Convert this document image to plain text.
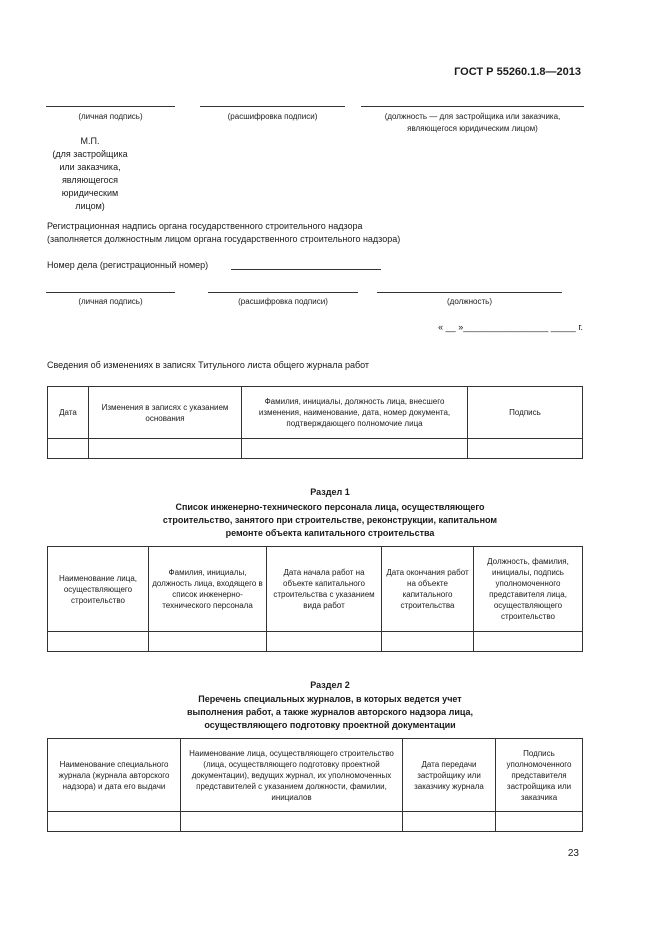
ГОСТ Р 55260.1.8—2013
(личная подпись)	(расшифровка подписи)	(должность — для застройщика или заказчика,
являющегося юридическим лицом)
М.П.
(для застройщика
или заказчика,
являющегося
юридическим
лицом)
Регистрационная надпись органа государственного строительного надзора
(заполняется должностным лицом органа государственного строительного надзора)
Номер дела (регистрационный номер)
(личная подпись)	(расшифровка подписи)	(должность)
« __ »_________________ _____ г.
Сведения об изменениях в записях Титульного листа общего журнала работ
Дата	Изменения в записях с указанием основания	Фамилия, инициалы, должность лица, внесшего изменения, наименование, дата, номер документа, подтверждающего полномочие лица	Подпись

Раздел 1
Список инженерно-технического персонала лица, осуществляющего
строительство, занятого при строительстве, реконструкции, капитальном
ремонте объекта капитального строительства
Наименование лица, осуществляющего строительство	Фамилия, инициалы, должность лица, входящего в список инженерно-технического персонала	Дата начала работ на объекте капитального строительства с указанием вида работ	Дата окончания работ на объекте капитального строительства	Должность, фамилия, инициалы, подпись уполномоченного представителя лица, осуществляющего строительство

Раздел 2
Перечень специальных журналов, в которых ведется учет
выполнения работ, а также журналов авторского надзора лица,
осуществляющего подготовку проектной документации
Наименование специального журнала (журнала авторского надзора) и дата его выдачи	Наименование лица, осуществляющего строительство (лица, осуществляющего подготовку проектной документации), ведущих журнал, их уполномоченных представителей с указанием должности, фамилии, инициалов	Дата передачи застройщику или заказчику журнала	Подпись уполномоченного представителя застройщика или заказчика

23
